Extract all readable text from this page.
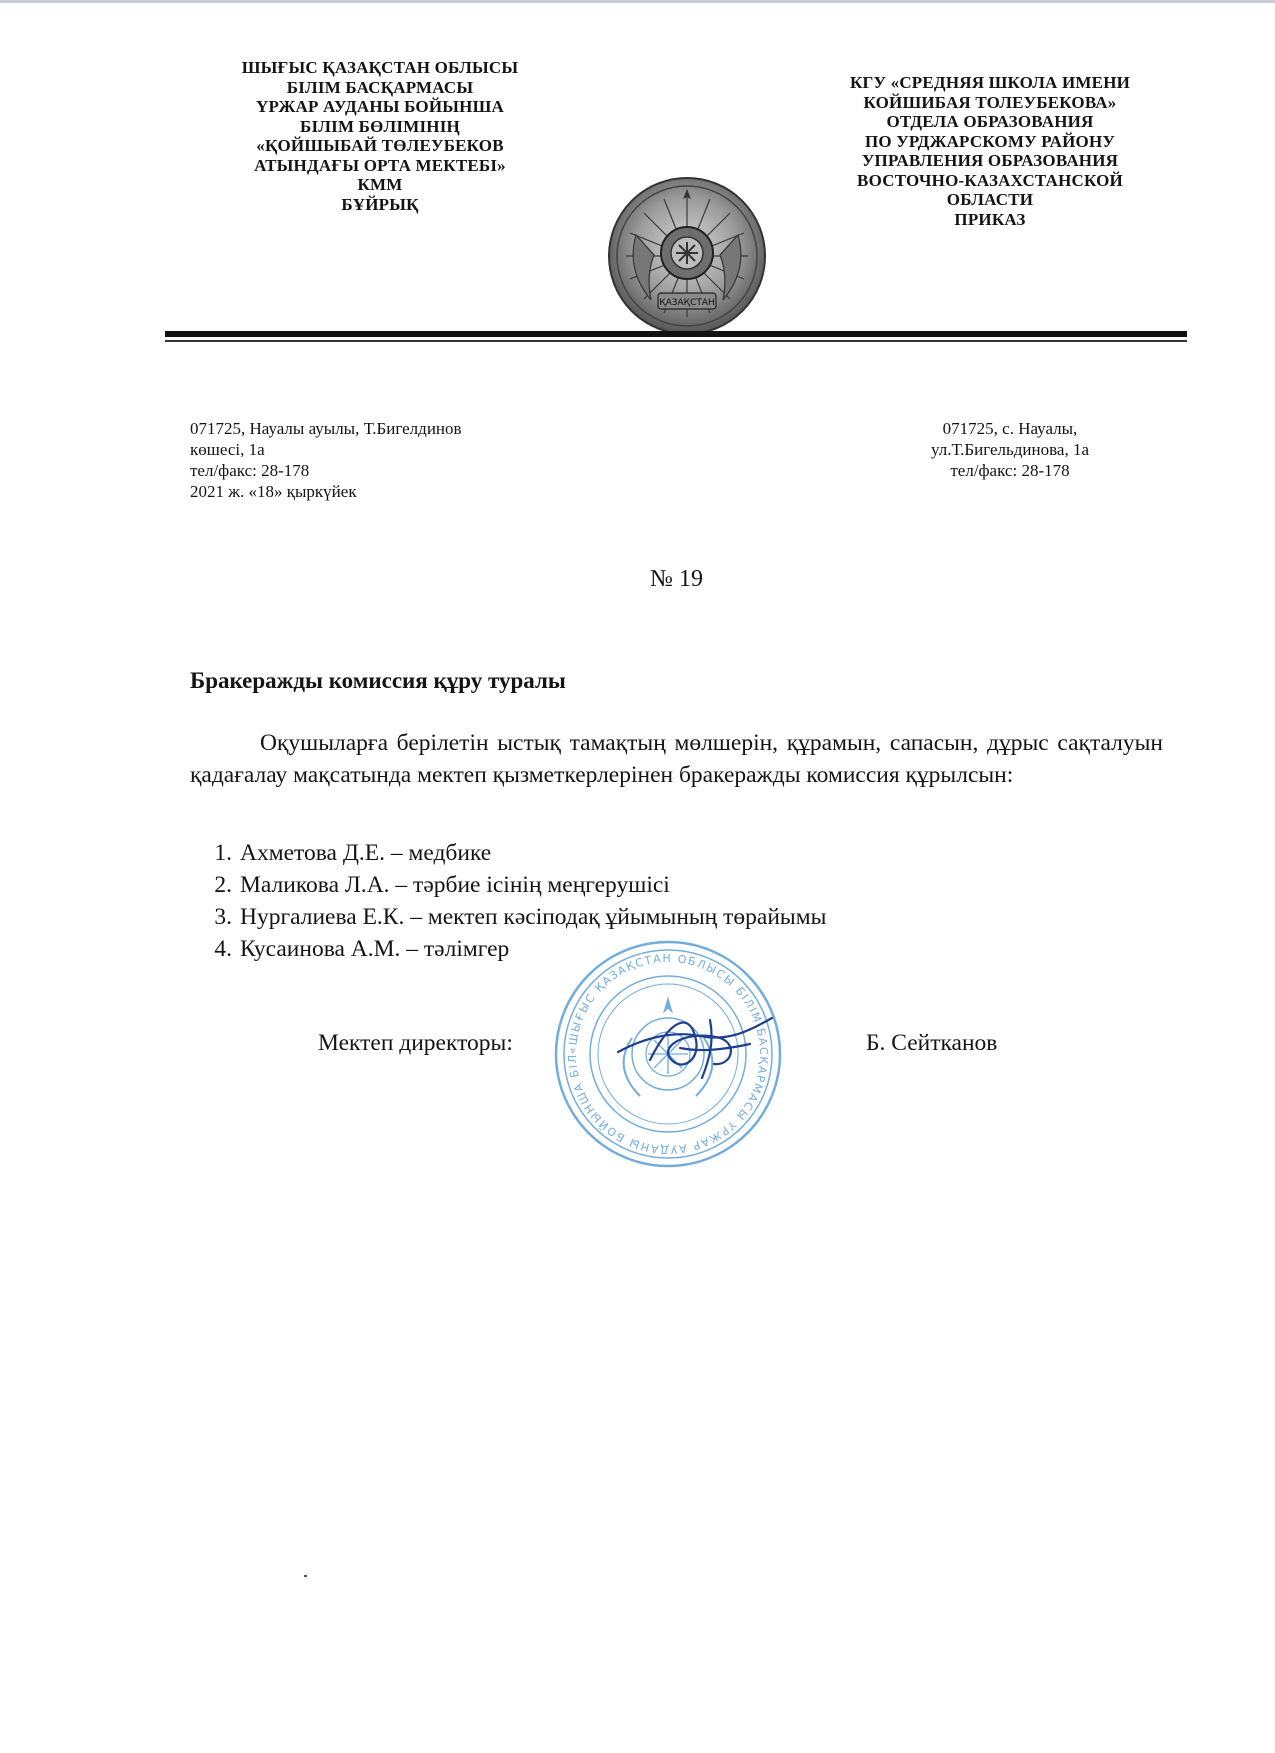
ШЫҒЫС ҚАЗАҚСТАН ОБЛЫСЫ
БІЛІМ БАСҚАРМАСЫ
ҮРЖАР АУДАНЫ БОЙЫНША
БІЛІМ БӨЛІМІНІҢ
«ҚОЙШЫБАЙ ТӨЛЕУБЕКОВ
АТЫНДАҒЫ ОРТА МЕКТЕБІ»
КММ
БҰЙРЫҚ
КГУ «СРЕДНЯЯ ШКОЛА ИМЕНИ
КОЙШИБАЯ ТОЛЕУБЕКОВА»
ОТДЕЛА ОБРАЗОВАНИЯ
ПО УРДЖАРСКОМУ РАЙОНУ
УПРАВЛЕНИЯ ОБРАЗОВАНИЯ
ВОСТОЧНО-КАЗАХСТАНСКОЙ
ОБЛАСТИ
ПРИКАЗ
ҚАЗАҚСТАН
071725, Науалы ауылы, Т.Бигелдинов
көшесі, 1а
тел/факс: 28-178
2021 ж. «18» қыркүйек
071725, с. Науалы,
ул.Т.Бигельдинова, 1а
тел/факс: 28-178
№ 19
Бракеражды комиссия құру туралы
Оқушыларға берілетін ыстық тамақтың мөлшерін, құрамын, сапасын, дұрыс сақталуын қадағалау мақсатында мектеп қызметкерлерінен бракеражды комиссия құрылсын:
1. Ахметова Д.Е. – медбике
2. Маликова Л.А. – тәрбие ісінің меңгерушісі
3. Нургалиева Е.К. – мектеп кәсіподақ ұйымының төрайымы
4. Кусаинова А.М. – тәлімгер
«ШЫҒЫС ҚАЗАҚСТАН ОБЛЫСЫ БІЛІМ БАСҚАРМАСЫ ҮРЖАР АУДАНЫ БОЙЫНША БІЛ
Мектеп директоры:	Б. Сейтканов
